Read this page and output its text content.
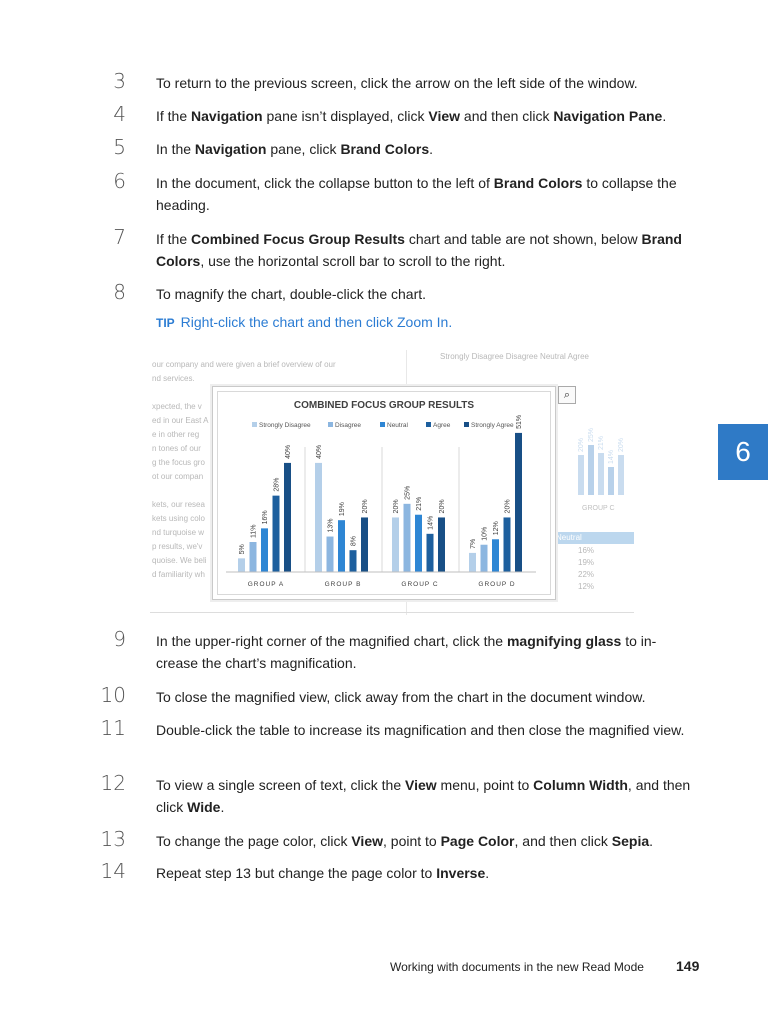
3 To return to the previous screen, click the arrow on the left side of the window.
4 If the Navigation pane isn’t displayed, click View and then click Navigation Pane.
5 In the Navigation pane, click Brand Colors.
6 In the document, click the collapse button to the left of Brand Colors to collapse the heading.
7 If the Combined Focus Group Results chart and table are not shown, below Brand Colors, use the horizontal scroll bar to scroll to the right.
8 To magnify the chart, double-click the chart.
9 In the upper-right corner of the magnified chart, click the magnifying glass to in-crease the chart’s magnification.
10 To close the magnified view, click away from the chart in the document window.
11 Double-click the table to increase its magnification and then close the magnified view.
12 To view a single screen of text, click the View menu, point to Column Width, and then click Wide.
13 To change the page color, click View, point to Page Color, and then click Sepia.
14 Repeat step 13 but change the page color to Inverse.
TIP Right-click the chart and then click Zoom In.
our company and were given a brief overview of our
nd services.
xpected, the v
ed in our East A
e in other reg
n tones of our
g the focus gro
ot our compan
kets, our resea
kets using colo
nd turquoise w
p results, we'v
quoise. We beli
d familiarity wh
Strongly Disagree Disagree Neutral Agree
20%
25%
21%
14%
20%
GROUP C
Neutral
16%
19%
22%
12%
COMBINED FOCUS GROUP RESULTS
Strongly Disagree	Disagree	Neutral	Agree	Strongly Agree
5%
11%
16%
28%
40%
GROUP A
40%
13%
19%
8%
20%
GROUP B
20%
25%
21%
14%
20%
GROUP C
7%
10% 12%
20%
51%
GROUP D
⌕
6
Working with documents in the new Read Mode 149
